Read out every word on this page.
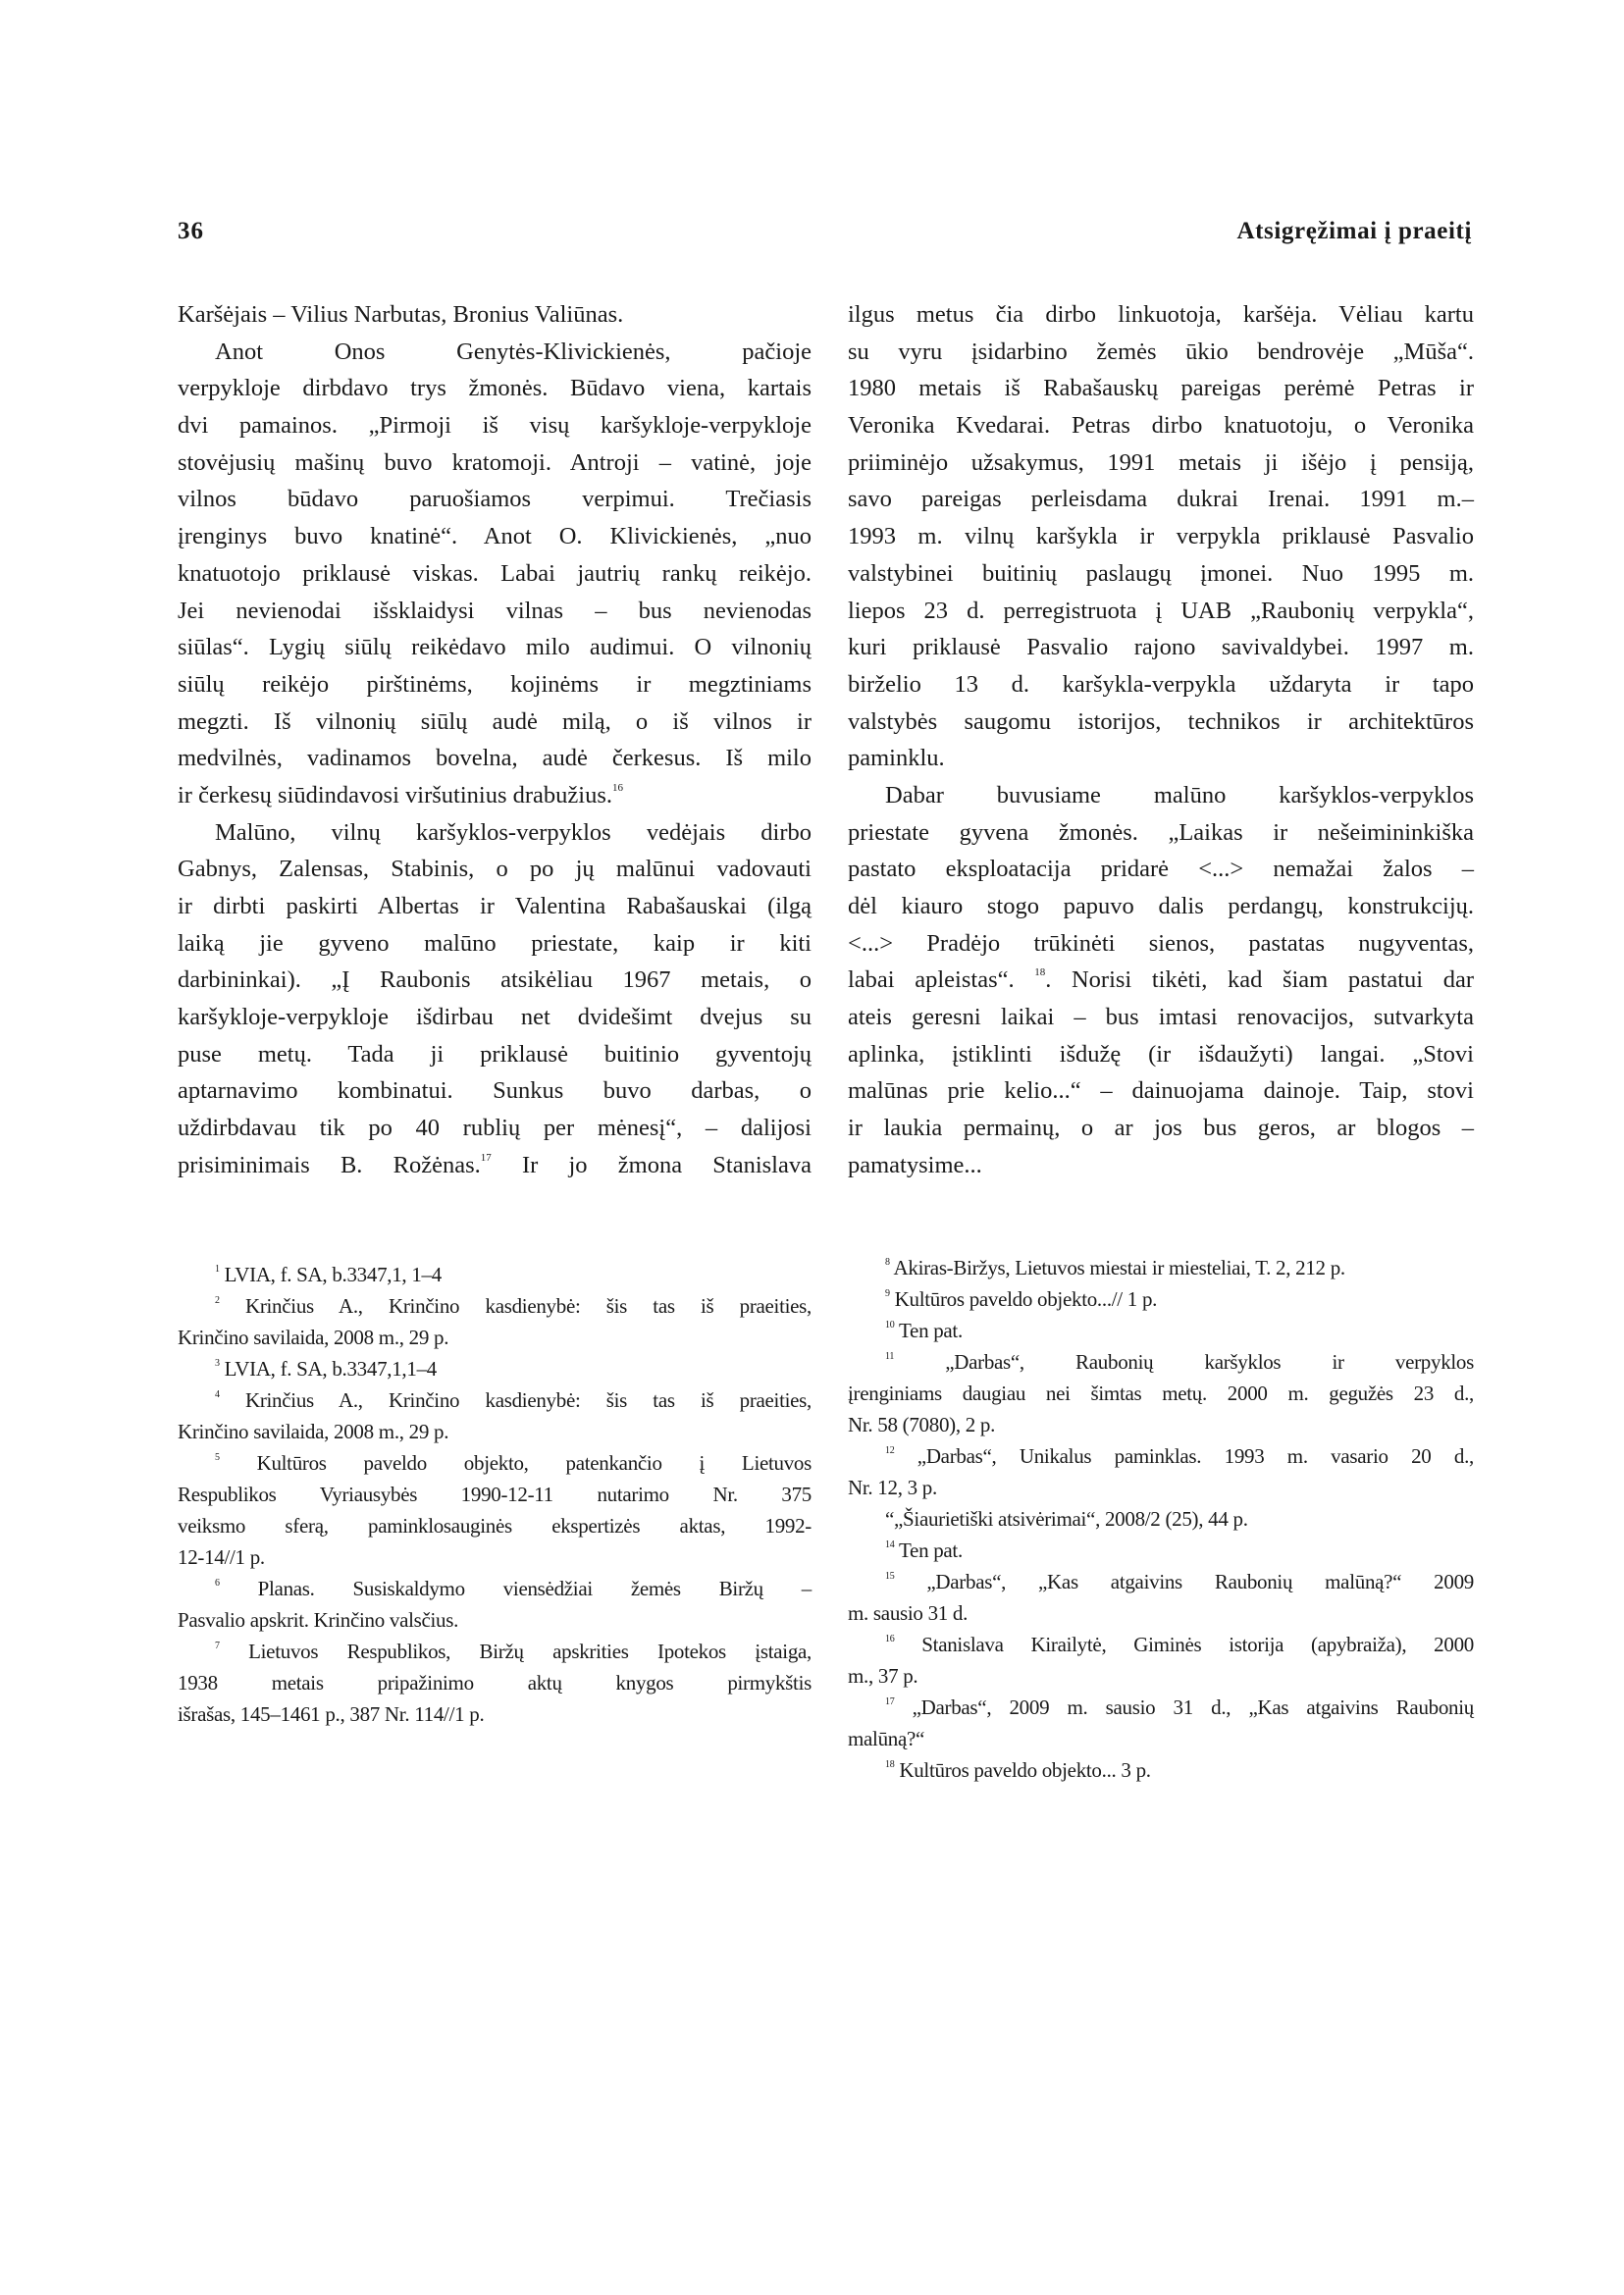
36	Atsigręžimai į praeitį
Karšėjais – Vilius Narbutas, Bronius Valiūnas.
Anot Onos Genytės-Klivickienės, pačioje
verpykloje dirbdavo trys žmonės. Būdavo viena, kartais
dvi pamainos. „Pirmoji iš visų karšykloje-verpykloje
stovėjusių mašinų buvo kratomoji. Antroji – vatinė, joje
vilnos būdavo paruošiamos verpimui. Trečiasis
įrenginys buvo knatinė“. Anot O. Klivickienės, „nuo
knatuotojo priklausė viskas. Labai jautrių rankų reikėjo.
Jei nevienodai išsklaidysi vilnas – bus nevienodas
siūlas“. Lygių siūlų reikėdavo milo audimui. O vilnonių
siūlų reikėjo pirštinėms, kojinėms ir megztiniams
megzti. Iš vilnonių siūlų audė milą, o iš vilnos ir
medvilnės, vadinamos bovelna, audė čerkesus. Iš milo
ir čerkesų siūdindavosi viršutinius drabužius.$^{16}$
Malūno, vilnų karšyklos-verpyklos vedėjais dirbo
Gabnys, Zalensas, Stabinis, o po jų malūnui vadovauti
ir dirbti paskirti Albertas ir Valentina Rabašauskai (ilgą
laiką jie gyveno malūno priestate, kaip ir kiti
darbininkai). „Į Raubonis atsikėliau 1967 metais, o
karšykloje-verpykloje išdirbau net dvidešimt dvejus su
puse metų. Tada ji priklausė buitinio gyventojų
aptarnavimo kombinatui. Sunkus buvo darbas, o
uždirbdavau tik po 40 rublių per mėnesį“, – dalijosi
prisiminimais B. Rožėnas.$^{17}$ Ir jo žmona Stanislava
ilgus metus čia dirbo linkuotoja, karšėja. Vėliau kartu
su vyru įsidarbino žemės ūkio bendrovėje „Mūša“.
1980 metais iš Rabašauskų pareigas perėmė Petras ir
Veronika Kvedarai. Petras dirbo knatuotoju, o Veronika
priiminėjo užsakymus, 1991 metais ji išėjo į pensiją,
savo pareigas perleisdama dukrai Irenai. 1991 m.–
1993 m. vilnų karšykla ir verpykla priklausė Pasvalio
valstybinei buitinių paslaugų įmonei. Nuo 1995 m.
liepos 23 d. perregistruota į UAB „Raubonių verpykla“,
kuri priklausė Pasvalio rajono savivaldybei. 1997 m.
birželio 13 d. karšykla-verpykla uždaryta ir tapo
valstybės saugomu istorijos, technikos ir architektūros
paminklu.
Dabar buvusiame malūno karšyklos-verpyklos
priestate gyvena žmonės. „Laikas ir nešeimininkiška
pastato eksploatacija pridarė <...> nemažai žalos –
dėl kiauro stogo papuvo dalis perdangų, konstrukcijų.
<...> Pradėjo trūkinėti sienos, pastatas nugyventas,
labai apleistas“. $^{18}$. Norisi tikėti, kad šiam pastatui dar
ateis geresni laikai – bus imtasi renovacijos, sutvarkyta
aplinka, įstiklinti išdužę (ir išdaužyti) langai. „Stovi
malūnas prie kelio...“ – dainuojama dainoje. Taip, stovi
ir laukia permainų, o ar jos bus geros, ar blogos –
pamatysime...
$^1$ LVIA, f. SA, b.3347,1, 1–4
$^2$ Krinčius A., Krinčino kasdienybė: šis tas iš praeities,
Krinčino savilaida, 2008 m., 29 p.
$^3$ LVIA, f. SA, b.3347,1,1–4
$^4$ Krinčius A., Krinčino kasdienybė: šis tas iš praeities,
Krinčino savilaida, 2008 m., 29 p.
$^5$ Kultūros paveldo objekto, patenkančio į Lietuvos
Respublikos Vyriausybės 1990-12-11 nutarimo Nr. 375
veiksmo sferą, paminklosauginės ekspertizės aktas, 1992-
12-14//1 p.
$^6$ Planas. Susiskaldymo viensėdžiai žemės Biržų –
Pasvalio apskrit. Krinčino valsčius.
$^7$ Lietuvos Respublikos, Biržų apskrities Ipotekos įstaiga,
1938 metais pripažinimo aktų knygos pirmykštis
išrašas, 145–1461 p., 387 Nr. 114//1 p.
$^8$ Akiras-Biržys, Lietuvos miestai ir miesteliai, T. 2, 212 p.
$^9$ Kultūros paveldo objekto...// 1 p.
$^{10}$ Ten pat.
$^{11}$ „Darbas“, Raubonių karšyklos ir verpyklos
įrenginiams daugiau nei šimtas metų. 2000 m. gegužės 23 d.,
Nr. 58 (7080), 2 p.
$^{12}$ „Darbas“, Unikalus paminklas. 1993 m. vasario 20 d.,
Nr. 12, 3 p.
“„Šiaurietiški atsivėrimai“, 2008/2 (25), 44 p.
$^{14}$ Ten pat.
$^{15}$ „Darbas“, „Kas atgaivins Raubonių malūną?“ 2009
m. sausio 31 d.
$^{16}$ Stanislava Kirailytė, Giminės istorija (apybraiža), 2000
m., 37 p.
$^{17}$ „Darbas“, 2009 m. sausio 31 d., „Kas atgaivins Raubonių
malūną?“
$^{18}$ Kultūros paveldo objekto... 3 p.
